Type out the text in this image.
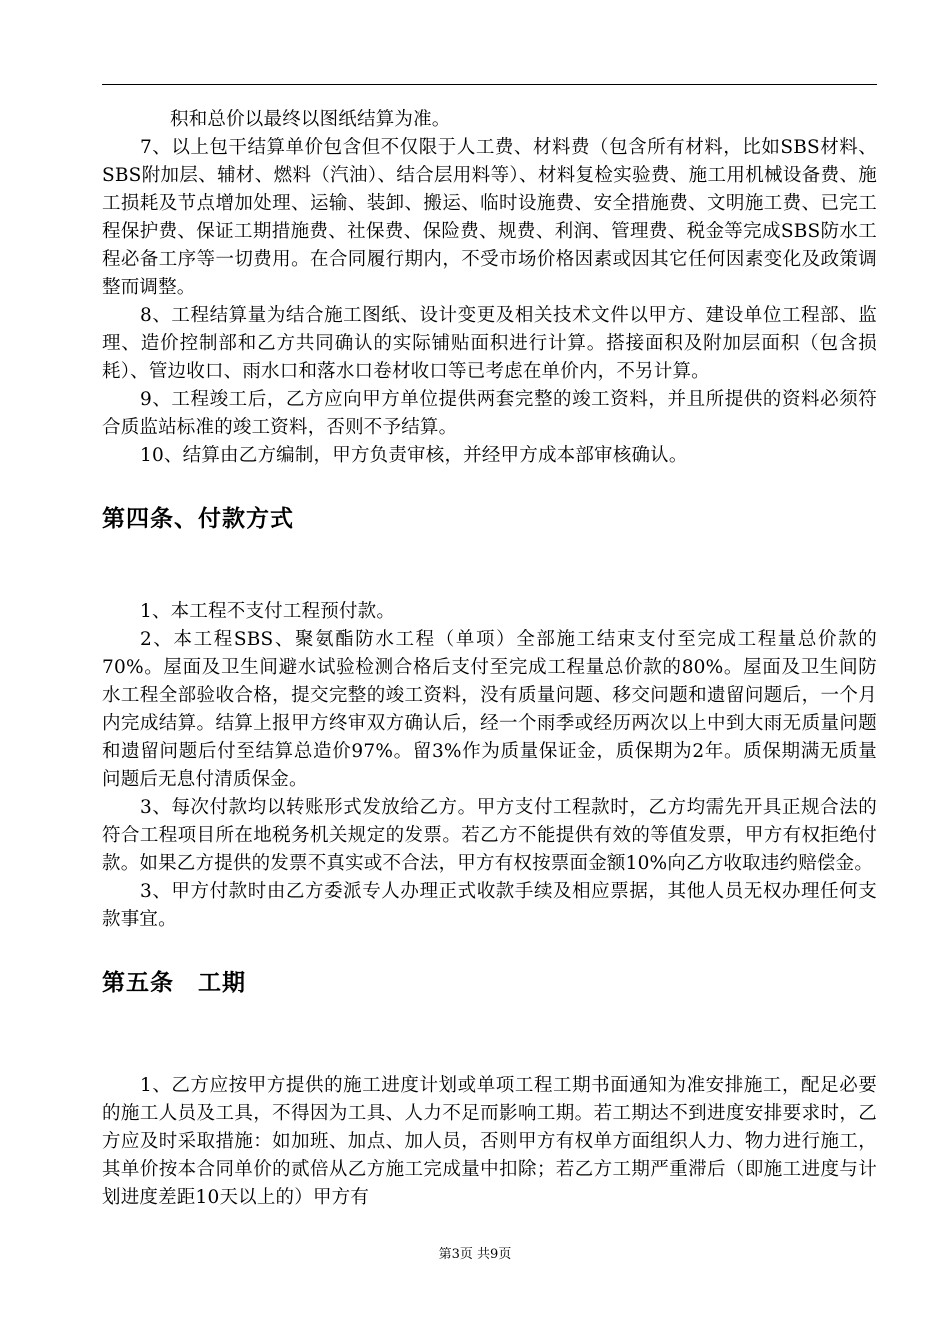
积和总价以最终以图纸结算为准。

7、以上包干结算单价包含但不仅限于人工费、材料费（包含所有材料，比如SBS材料、SBS附加层、辅材、燃料（汽油）、结合层用料等）、材料复检实验费、施工用机械设备费、施工损耗及节点增加处理、运输、装卸、搬运、临时设施费、安全措施费、文明施工费、已完工程保护费、保证工期措施费、社保费、保险费、规费、利润、管理费、税金等完成SBS防水工程必备工序等一切费用。在合同履行期内，不受市场价格因素或因其它任何因素变化及政策调整而调整。

8、工程结算量为结合施工图纸、设计变更及相关技术文件以甲方、建设单位工程部、监理、造价控制部和乙方共同确认的实际铺贴面积进行计算。搭接面积及附加层面积（包含损耗）、管边收口、雨水口和落水口卷材收口等已考虑在单价内，不另计算。

9、工程竣工后，乙方应向甲方单位提供两套完整的竣工资料，并且所提供的资料必须符合质监站标准的竣工资料，否则不予结算。

10、结算由乙方编制，甲方负责审核，并经甲方成本部审核确认。

第四条、付款方式

1、本工程不支付工程预付款。

2、本工程SBS、聚氨酯防水工程（单项）全部施工结束支付至完成工程量总价款的70%。屋面及卫生间避水试验检测合格后支付至完成工程量总价款的80%。屋面及卫生间防水工程全部验收合格，提交完整的竣工资料，没有质量问题、移交问题和遗留问题后，一个月内完成结算。结算上报甲方终审双方确认后，经一个雨季或经历两次以上中到大雨无质量问题和遗留问题后付至结算总造价97%。留3%作为质量保证金，质保期为2年。质保期满无质量问题后无息付清质保金。

3、每次付款均以转账形式发放给乙方。甲方支付工程款时，乙方均需先开具正规合法的符合工程项目所在地税务机关规定的发票。若乙方不能提供有效的等值发票，甲方有权拒绝付款。如果乙方提供的发票不真实或不合法，甲方有权按票面金额10%向乙方收取违约赔偿金。

3、甲方付款时由乙方委派专人办理正式收款手续及相应票据，其他人员无权办理任何支款事宜。

第五条　工期

1、乙方应按甲方提供的施工进度计划或单项工程工期书面通知为准安排施工，配足必要的施工人员及工具，不得因为工具、人力不足而影响工期。若工期达不到进度安排要求时，乙方应及时采取措施：如加班、加点、加人员，否则甲方有权单方面组织人力、物力进行施工，其单价按本合同单价的贰倍从乙方施工完成量中扣除；若乙方工期严重滞后（即施工进度与计划进度差距10天以上的）甲方有

第3页 共9页
